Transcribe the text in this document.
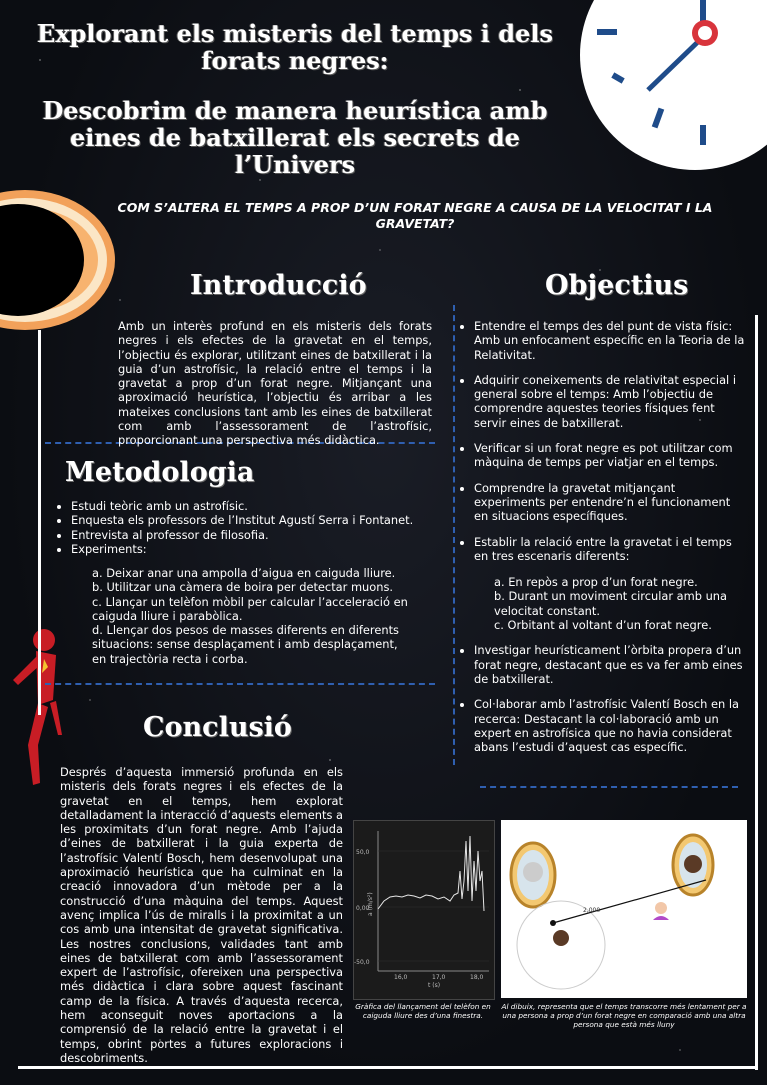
Explorant els misteris del temps i dels forats negres:
Descobrim de manera heurística amb eines de batxillerat els secrets de l’Univers
COM S’ALTERA EL TEMPS A PROP D’UN FORAT NEGRE A CAUSA DE LA VELOCITAT I LA GRAVETAT?
Introducció
Amb un interès profund en els misteris dels forats negres i els efectes de la gravetat en el temps, l’objectiu és explorar, utilitzant eines de batxillerat i la guia d’un astrofísic, la relació entre el temps i la gravetat a prop d’un forat negre. Mitjançant una aproximació heurística, l’objectiu és arribar a les mateixes conclusions tant amb les eines de batxillerat com amb l’assessorament de l’astrofísic, proporcionant una perspectiva més didàctica.
Objectius
• Entendre el temps des del punt de vista físic: Amb un enfocament específic en la Teoria de la Relativitat.
• Adquirir coneixements de relativitat especial i general sobre el temps: Amb l’objectiu de comprendre aquestes teories físiques fent servir eines de batxillerat.
• Verificar si un forat negre es pot utilitzar com màquina de temps per viatjar en el temps.
• Comprendre la gravetat mitjançant experiments per entendre’n el funcionament en situacions específiques.
• Establir la relació entre la gravetat i el temps en tres escenaris diferents:
a. En repòs a prop d’un forat negre.
b. Durant un moviment circular amb una velocitat constant.
c. Orbitant al voltant d’un forat negre.
• Investigar heurísticament l’òrbita propera d’un forat negre, destacant que es va fer amb eines de batxillerat.
• Col·laborar amb l’astrofísic Valentí Bosch en la recerca: Destacant la col·laboració amb un expert en astrofísica que no havia considerat abans l’estudi d’aquest cas específic.
Metodologia
• Estudi teòric amb un astrofísic.
• Enquesta els professors de l’Institut Agustí Serra i Fontanet.
• Entrevista al professor de filosofia.
• Experiments:
a. Deixar anar una ampolla d’aigua en caiguda lliure.
b. Utilitzar una càmera de boira per detectar muons.
c. Llançar un telèfon mòbil per calcular l’acceleració en caiguda lliure i parabòlica.
d. Llençar dos pesos de masses diferents en diferents situacions: sense desplaçament i amb desplaçament, en trajectòria recta i corba.
Conclusió
Després d’aquesta immersió profunda en els misteris dels forats negres i els efectes de la gravetat en el temps, hem explorat detalladament la interacció d’aquests elements a les proximitats d’un forat negre. Amb l’ajuda d’eines de batxillerat i la guia experta de l’astrofísic Valentí Bosch, hem desenvolupat una aproximació heurística que ha culminat en la creació innovadora d’un mètode per a la construcció d’una màquina del temps. Aquest avenç implica l’ús de miralls i la proximitat a un cos amb una intensitat de gravetat significativa. Les nostres conclusions, validades tant amb eines de batxillerat com amb l’assessorament expert de l’astrofísic, ofereixen una perspectiva més didàctica i clara sobre aquest fascinant camp de la física. A través d’aquesta recerca, hem aconseguit noves aportacions a la comprensió de la relació entre la gravetat i el temps, obrint portes a futures exploracions i descobriments.
50,0
0,00
-50,0
16,0	17,0	18,0
t (s)
a (m/s²)	2,000
Gràfica del llançament del telèfon en caiguda lliure des d’una finestra.
Al dibuix, representa que el temps transcorre més lentament per a una persona a prop d’un forat negre en comparació amb una altra persona que està més lluny
